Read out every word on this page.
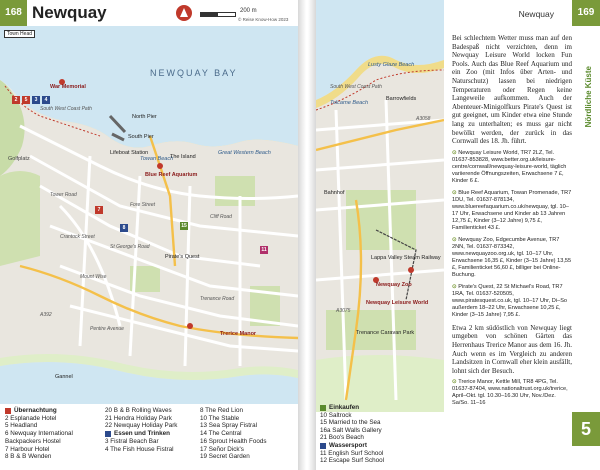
168 Newquay	200 m
© Reise Know-How 2023
Town Head
NEWQUAY BAY
War Memorial
North Pier
South Pier
Lifeboat Station
Towan Beach
The Island
Great Western Beach
Blue Reef Aquarium
Golfplatz
Pirate's Quest
Trerice Manor
Gannel
A392
South West Coast Path
Fore Street
Cliff Road
Crantock Street
Tower Road
St George's Road
Mount Wise
Pentire Avenue
Trenance Road
2	5	3	4
7
8	15
11
Übernachtung
2 Esplanade Hotel
5 Headland
6 Newquay International
Backpackers Hostel
7 Harbour Hotel
8 B & B Wenden
20 B & B Rolling Waves
21 Hendra Holiday Park
22 Newquay Holiday Park
Essen und Trinken
3 Fistral Beach Bar
4 The Fish House Fistral
8 The Red Lion
10 The Stable
13 Sea Spray Fistral
14 The Central
16 Sprout Health Foods
17 Señor Dick's
19 Secret Garden
Lusty Glaze Beach
Tolcarne Beach
Barrowfields
A3058
Bahnhof
Lappa Valley Steam Railway
Newquay Zoo
Newquay Leisure World
Trenance Caravan Park
A3075
South West Coast Path
Einkaufen
10 Saltrock
15 Married to the Sea
16a Salt Walls Gallery
21 Boo's Beach
Wassersport
11 English Surf School
12 Escape Surf School
Newquay	169

Bei schlechtem Wetter muss man auf den Badespaß nicht verzichten, denn im Newquay Leisure World locken Fun Pools. Auch das Blue Reef Aquarium und ein Zoo (mit Infos über Arten- und Naturschutz) lassen bei niedrigen Temperaturen oder Regen keine Langeweile aufkommen. Auch der Abenteuer-Minigolfkurs Pirate's Quest ist gut geeignet, um Kinder etwa eine Stunde lang zu unterhalten; es muss gar nicht bewölkt werden, der zurück in das Cornwall des 18. Jh. führt.

⊙ Newquay Leisure World, TR7 2LZ, Tel. 01637-853828, www.better.org.uk/leisure-centre/cornwall/newquay-leisure-world, täglich variierende Öffnungszeiten, Erwachsene 7 £, Kinder 6 £.
⊙ Blue Reef Aquarium, Towan Promenade, TR7 1DU, Tel. 01637-878134, www.bluereefaquarium.co.uk/newquay, tgl. 10–17 Uhr, Erwachsene und Kinder ab 13 Jahren 12,75 £, Kinder (3–12 Jahre) 9,75 £, Familienticket 43 £.
⊙ Newquay Zoo, Edgecumbe Avenue, TR7 2NN, Tel. 01637-873342, www.newquayzoo.org.uk, tgl. 10–17 Uhr, Erwachsene 16,35 £, Kinder (3–15 Jahre) 13,55 £, Familienticket 56,60 £, billiger bei Online-Buchung.
⊙ Pirate's Quest, 22 St Michael's Road, TR7 1RA, Tel. 01637-520505, www.piratesquest.co.uk, tgl. 10–17 Uhr, Di–So außerdem 18–22 Uhr, Erwachsene 10,25 £, Kinder (3–15 Jahre) 7,95 £.

Etwa 2 km südöstlich von Newquay liegt umgeben von schönen Gärten das Herrenhaus Trerice Manor aus dem 16. Jh. Auch wenn es im Vergleich zu anderen Landsitzen in Cornwall eher klein ausfällt, lohnt sich der Besuch.

⊙ Trerice Manor, Kettle Mill, TR8 4PG, Tel. 01637-87404, www.nationaltrust.org.uk/trerice, April–Okt. tgl. 10.30–16.30 Uhr, Nov./Dez. Sa/So. 11–16
Nördliche Küste
5
